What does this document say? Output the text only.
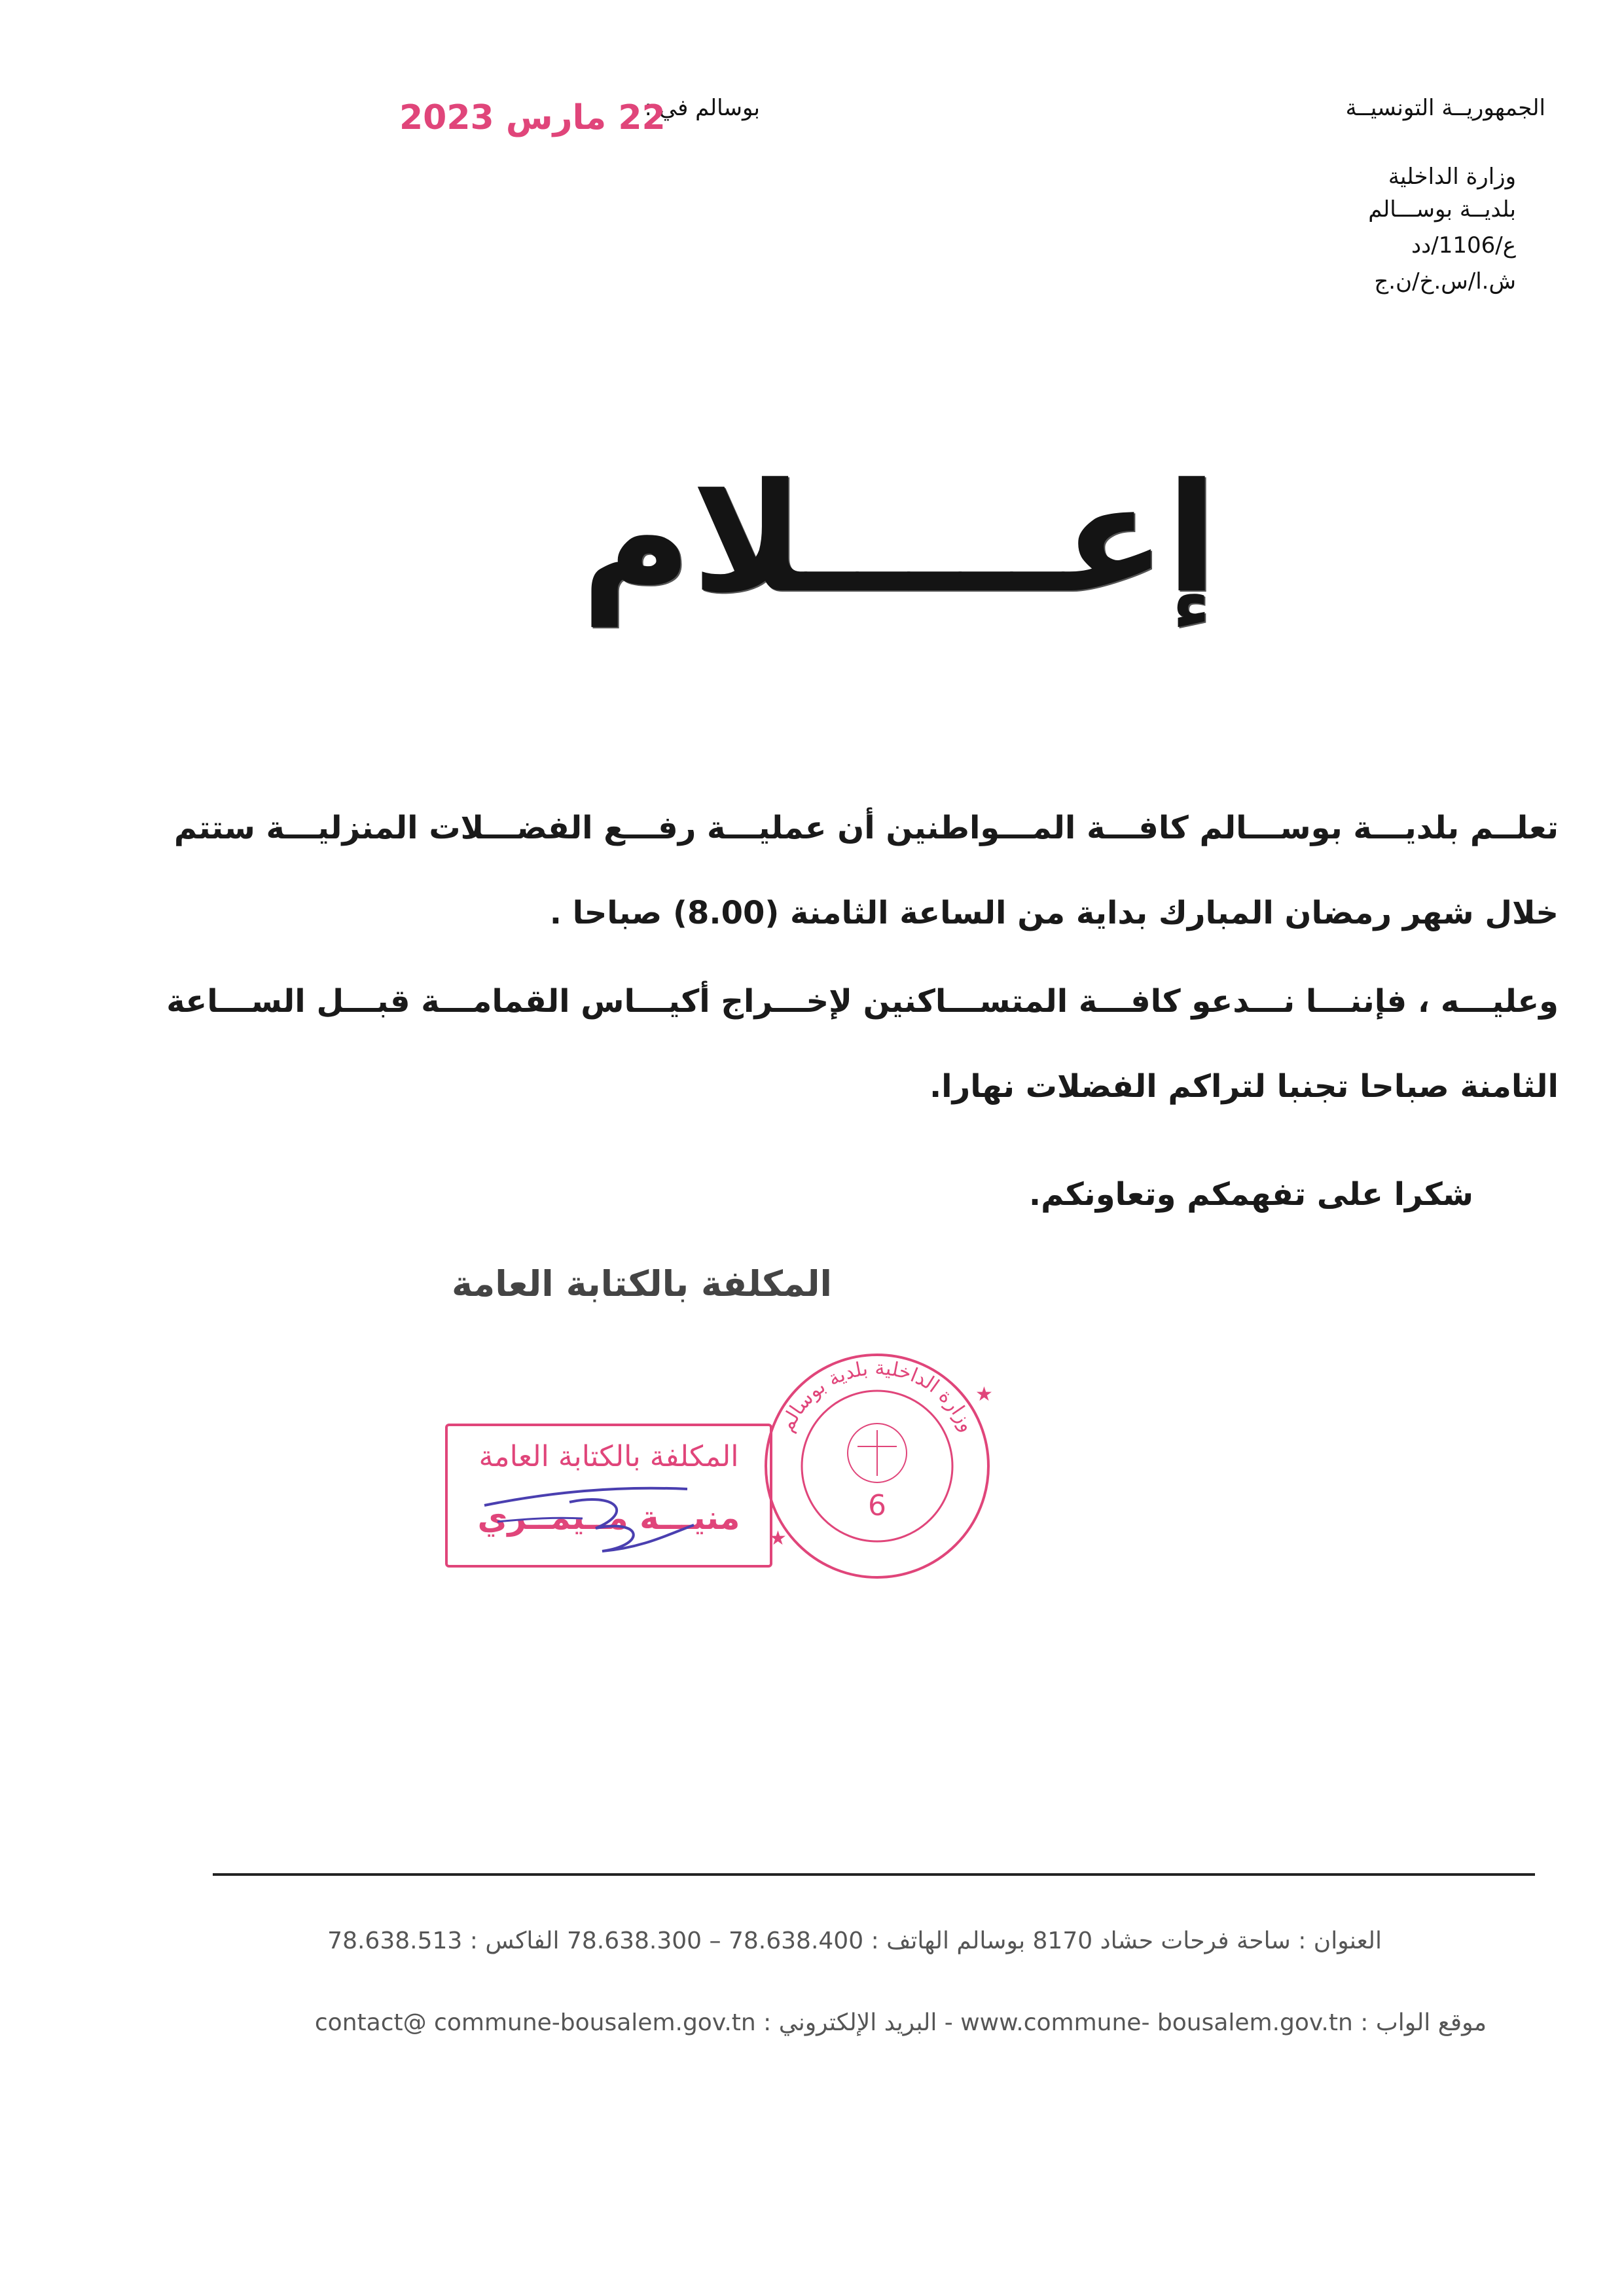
الجمهوريــة التونسيــة
وزارة الداخلية
بلديــة بوســـالم
ع/1106/دد
ش.ا/س.خ/ن.ج
بوسالم في :
22 مارس 2023
إعـــــلام
تعلــم بلديـــة بوســـالم كافـــة المـــواطنين أن عمليـــة رفـــع الفضـــلات المنزليـــة ستتم خلال شهر رمضان المبارك بداية من الساعة الثامنة (8.00) صباحا .
وعليـــه ، فإننـــا نـــدعو كافـــة المتســـاكنين لإخـــراج أكيـــاس القمامـــة قبـــل الســـاعة الثامنة صباحا تجنبا لتراكم الفضلات نهارا.
شكرا على تفهمكم وتعاونكم.
المكلفة بالكتابة العامة
المكلفة بالكتابة العامة
منيـــة مــيمــري
وزارة الداخلية بلدية بوسالم
6
★
★
العنوان : ساحة فرحات حشاد 8170 بوسالم الهاتف : 78.638.300 – 78.638.400 الفاكس : 78.638.513
موقع الواب : www.commune- bousalem.gov.tn - البريد الإلكتروني : contact@ commune-bousalem.gov.tn
